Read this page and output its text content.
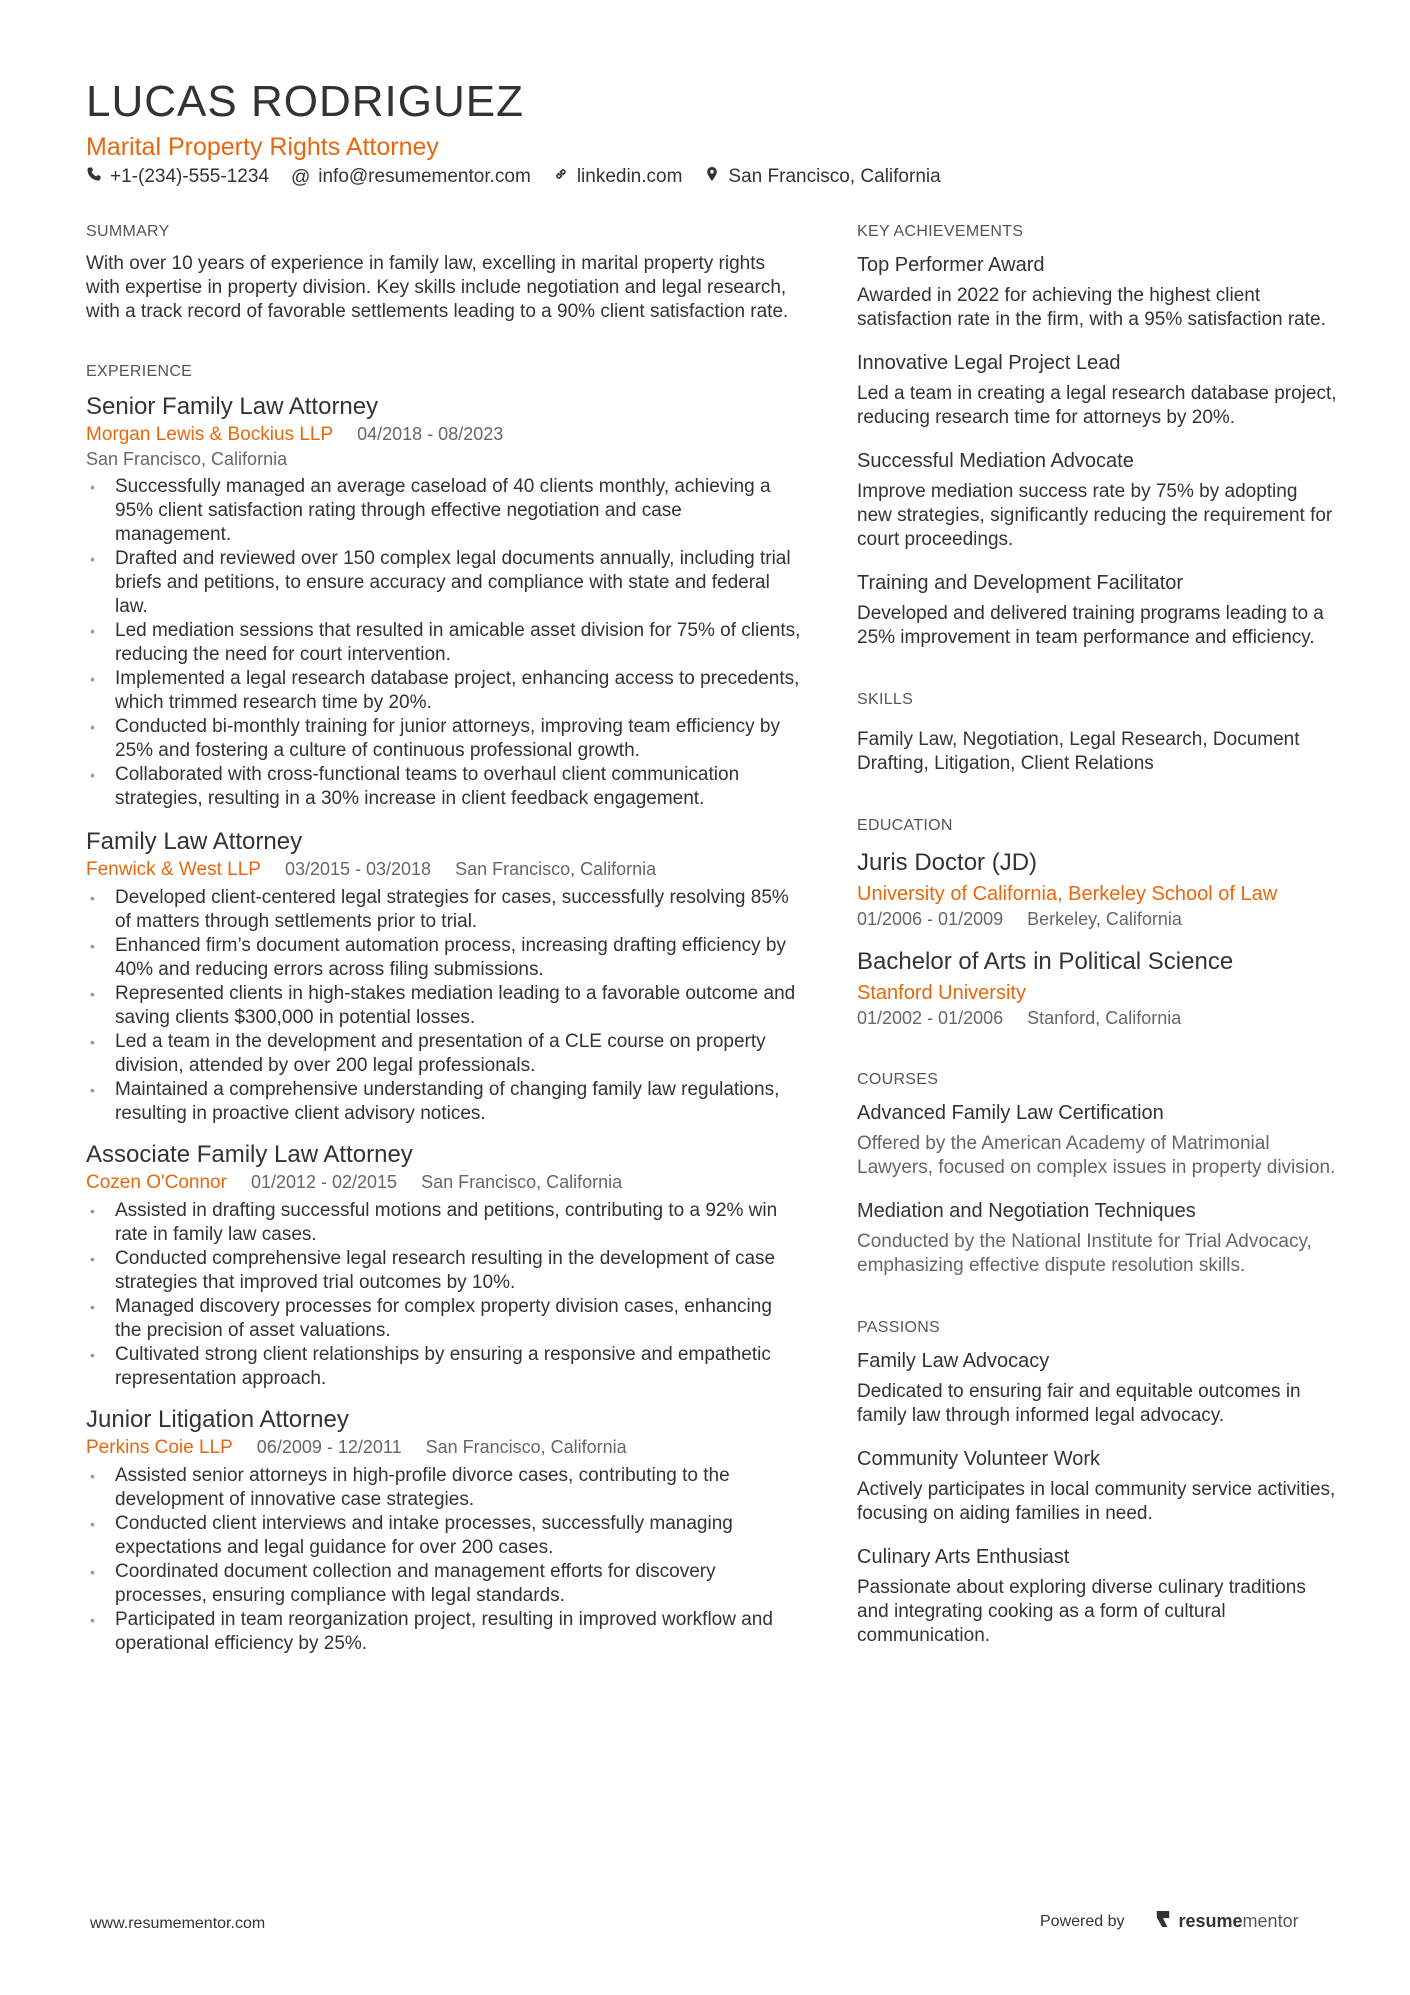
LUCAS RODRIGUEZ
Marital Property Rights Attorney
+1-(234)-555-1234 @ info@resumementor.com linkedin.com San Francisco, California
SUMMARY

With over 10 years of experience in family law, excelling in marital property rights with expertise in property division. Key skills include negotiation and legal research, with a track record of favorable settlements leading to a 90% client satisfaction rate.

EXPERIENCE
Senior Family Law Attorney
Morgan Lewis & Bockius LLP 04/2018 - 08/2023
San Francisco, California
• Successfully managed an average caseload of 40 clients monthly, achieving a 95% client satisfaction rating through effective negotiation and case management.
• Drafted and reviewed over 150 complex legal documents annually, including trial briefs and petitions, to ensure accuracy and compliance with state and federal law.
• Led mediation sessions that resulted in amicable asset division for 75% of clients, reducing the need for court intervention.
• Implemented a legal research database project, enhancing access to precedents, which trimmed research time by 20%.
• Conducted bi-monthly training for junior attorneys, improving team efficiency by 25% and fostering a culture of continuous professional growth.
• Collaborated with cross-functional teams to overhaul client communication strategies, resulting in a 30% increase in client feedback engagement.
Family Law Attorney
Fenwick & West LLP 03/2015 - 03/2018 San Francisco, California
• Developed client-centered legal strategies for cases, successfully resolving 85% of matters through settlements prior to trial.
• Enhanced firm’s document automation process, increasing drafting efficiency by 40% and reducing errors across filing submissions.
• Represented clients in high-stakes mediation leading to a favorable outcome and saving clients $300,000 in potential losses.
• Led a team in the development and presentation of a CLE course on property division, attended by over 200 legal professionals.
• Maintained a comprehensive understanding of changing family law regulations, resulting in proactive client advisory notices.
Associate Family Law Attorney
Cozen O'Connor 01/2012 - 02/2015 San Francisco, California
• Assisted in drafting successful motions and petitions, contributing to a 92% win rate in family law cases.
• Conducted comprehensive legal research resulting in the development of case strategies that improved trial outcomes by 10%.
• Managed discovery processes for complex property division cases, enhancing the precision of asset valuations.
• Cultivated strong client relationships by ensuring a responsive and empathetic representation approach.
Junior Litigation Attorney
Perkins Coie LLP 06/2009 - 12/2011 San Francisco, California
• Assisted senior attorneys in high-profile divorce cases, contributing to the development of innovative case strategies.
• Conducted client interviews and intake processes, successfully managing expectations and legal guidance for over 200 cases.
• Coordinated document collection and management efforts for discovery processes, ensuring compliance with legal standards.
• Participated in team reorganization project, resulting in improved workflow and operational efficiency by 25%.
KEY ACHIEVEMENTS
Top Performer Award
Awarded in 2022 for achieving the highest client satisfaction rate in the firm, with a 95% satisfaction rate.
Innovative Legal Project Lead
Led a team in creating a legal research database project, reducing research time for attorneys by 20%.
Successful Mediation Advocate
Improve mediation success rate by 75% by adopting new strategies, significantly reducing the requirement for court proceedings.
Training and Development Facilitator
Developed and delivered training programs leading to a 25% improvement in team performance and efficiency.
SKILLS
Family Law, Negotiation, Legal Research, Document Drafting, Litigation, Client Relations
EDUCATION
Juris Doctor (JD)
University of California, Berkeley School of Law
01/2006 - 01/2009 Berkeley, California
Bachelor of Arts in Political Science
Stanford University
01/2002 - 01/2006 Stanford, California
COURSES
Advanced Family Law Certification
Offered by the American Academy of Matrimonial Lawyers, focused on complex issues in property division.
Mediation and Negotiation Techniques
Conducted by the National Institute for Trial Advocacy, emphasizing effective dispute resolution skills.
PASSIONS
Family Law Advocacy
Dedicated to ensuring fair and equitable outcomes in family law through informed legal advocacy.
Community Volunteer Work
Actively participates in local community service activities, focusing on aiding families in need.
Culinary Arts Enthusiast
Passionate about exploring diverse culinary traditions and integrating cooking as a form of cultural communication.
www.resumementor.com	Powered by	resumementor
